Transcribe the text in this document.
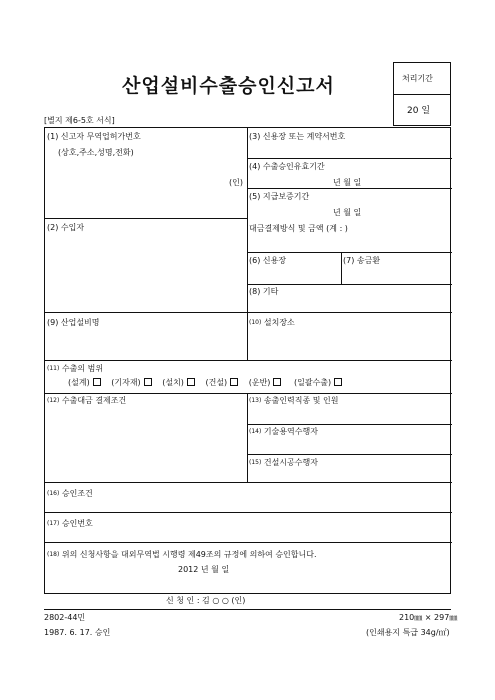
산업설비수출승인신고서	처리기간
20 일
[별지 제6-5호 서식]
(1) 신고자 무역업허가번호
(상호,주소,성명,전화)
(인)
(2) 수입자
(3) 신용장 또는 계약서번호
(4) 수출승인유효기간
년 월 일
(5) 지급보증기간
년 월 일
대금결제방식 및 금액 (계 : )
(6) 신용장	(7) 송금환
(8) 기타
(9) 산업설비명	(10) 설치장소
(11) 수출의 범위
(설계)	(기자재)	(설치)	(건설)	(운반)	(일괄수출)
(12) 수출대금 결제조건	(13) 송출인력직종 및 인원
(14) 기술용역수행자
(15) 건설시공수행자
(16) 승인조건
(17) 승인번호
(18) 위의 신청사항을 대외무역법 시행령 제49조의 규정에 의하여 승인합니다.
2012 년 월 일
신 청 인 : 김 ○ ○ (인)
2802-44민	210㎜ × 297㎜
1987. 6. 17. 승인	(인쇄용지 특급 34g/㎡)
